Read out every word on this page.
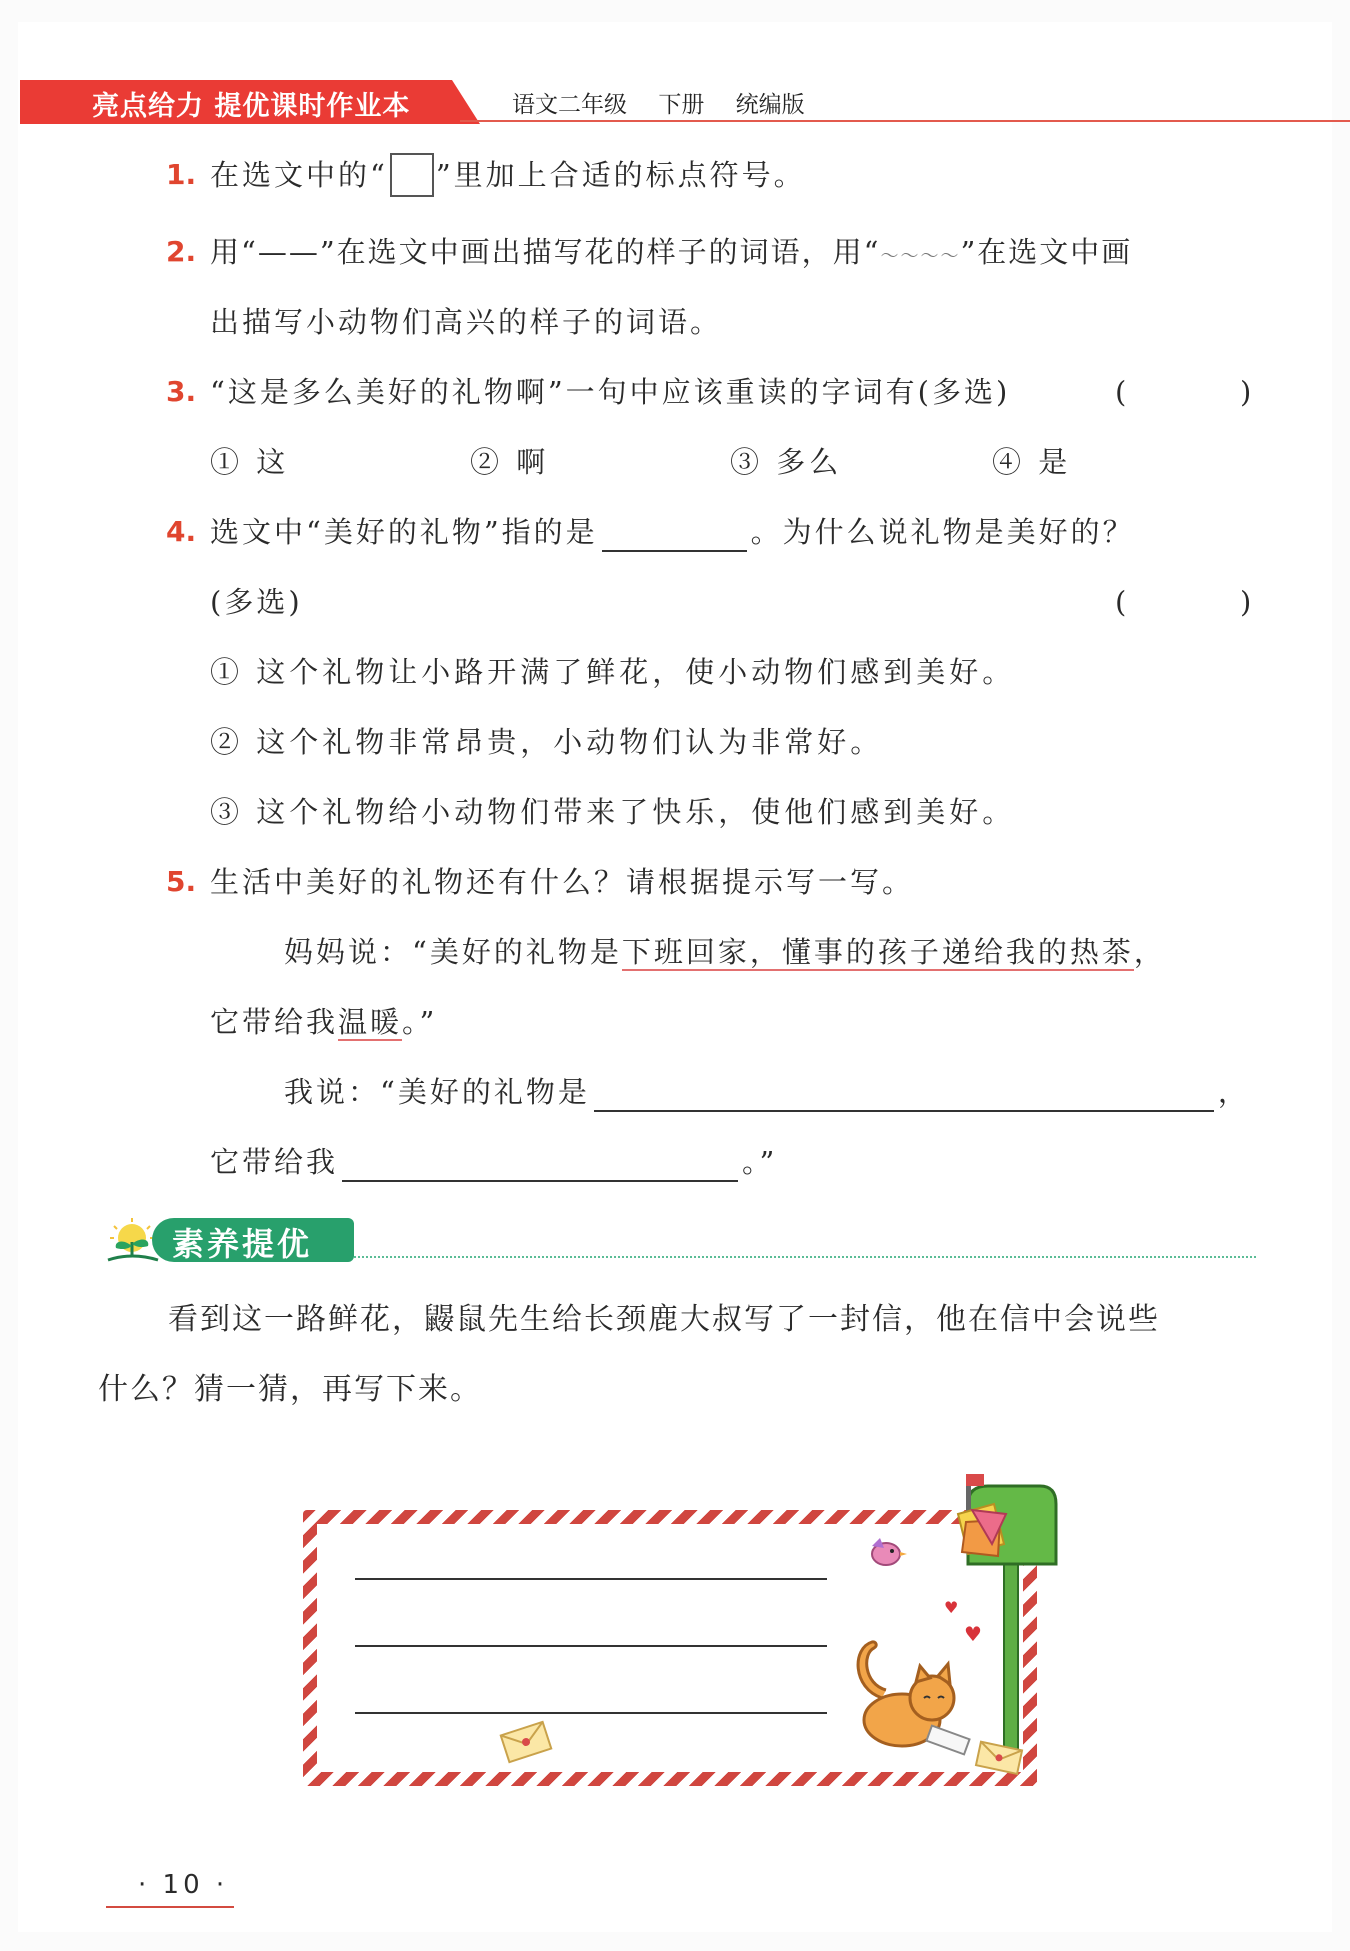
亮点给力 提优课时作业本	语文二年级 下册 统编版
1. 在选文中的“ ”里加上合适的标点符号。
2. 用“——”在选文中画出描写花的样子的词语，用“～～～～”在选文中画
出描写小动物们高兴的样子的词语。
3. “这是多么美好的礼物啊”一句中应该重读的字词有(多选)	(	)
① 这	② 啊	③ 多么	④ 是
4. 选文中“美好的礼物”指的是	。为什么说礼物是美好的？
(多选)	(	)
① 这个礼物让小路开满了鲜花，使小动物们感到美好。
② 这个礼物非常昂贵，小动物们认为非常好。
③ 这个礼物给小动物们带来了快乐，使他们感到美好。
5. 生活中美好的礼物还有什么？请根据提示写一写。
妈妈说：“美好的礼物是下班回家，懂事的孩子递给我的热茶，
它带给我温暖。”
我说：“美好的礼物是	，
它带给我	。”
素养提优
看到这一路鲜花，鼹鼠先生给长颈鹿大叔写了一封信，他在信中会说些
什么？猜一猜，再写下来。
♥
♥
· 10 ·
